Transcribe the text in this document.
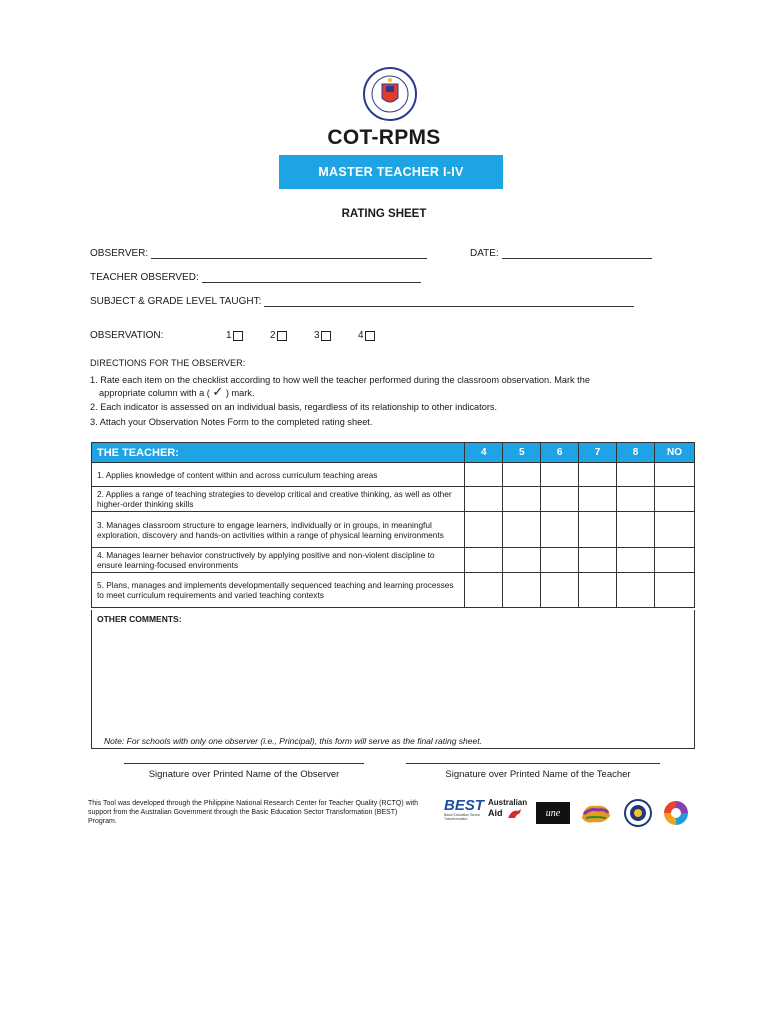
COT-RPMS
MASTER TEACHER I-IV
RATING SHEET
OBSERVER:	DATE:
TEACHER OBSERVED:
SUBJECT & GRADE LEVEL TAUGHT:
OBSERVATION:	1	2	3	4

DIRECTIONS FOR THE OBSERVER:

1. Rate each item on the checklist according to how well the teacher performed during the classroom observation. Mark the
appropriate column with a ( ✓ ) mark.

2. Each indicator is assessed on an individual basis, regardless of its relationship to other indicators.

3. Attach your Observation Notes Form to the completed rating sheet.

THE TEACHER:	4	5	6	7	8	NO
1. Applies knowledge of content within and across curriculum teaching areas						
2. Applies a range of teaching strategies to develop critical and creative thinking, as well as other higher-order thinking skills						
3. Manages classroom structure to engage learners, individually or in groups, in meaningful exploration, discovery and hands-on activities within a range of physical learning environments						
4. Manages learner behavior constructively by applying positive and non-violent discipline to ensure learning-focused environments						
5. Plans, manages and implements developmentally sequenced teaching and learning processes to meet curriculum requirements and varied teaching contexts						
OTHER COMMENTS:
Note: For schools with only one observer (i.e., Principal), this form will serve as the final rating sheet.
Signature over Printed Name of the Observer	Signature over Printed Name of the Teacher
This Tool was developed through the Philippine National Research Center for Teacher Quality (RCTQ) with support from the Australian Government through the Basic Education Sector Transformation (BEST) Program.
BEST
Basic Education Sector Transformation
Australian
Aid	une
